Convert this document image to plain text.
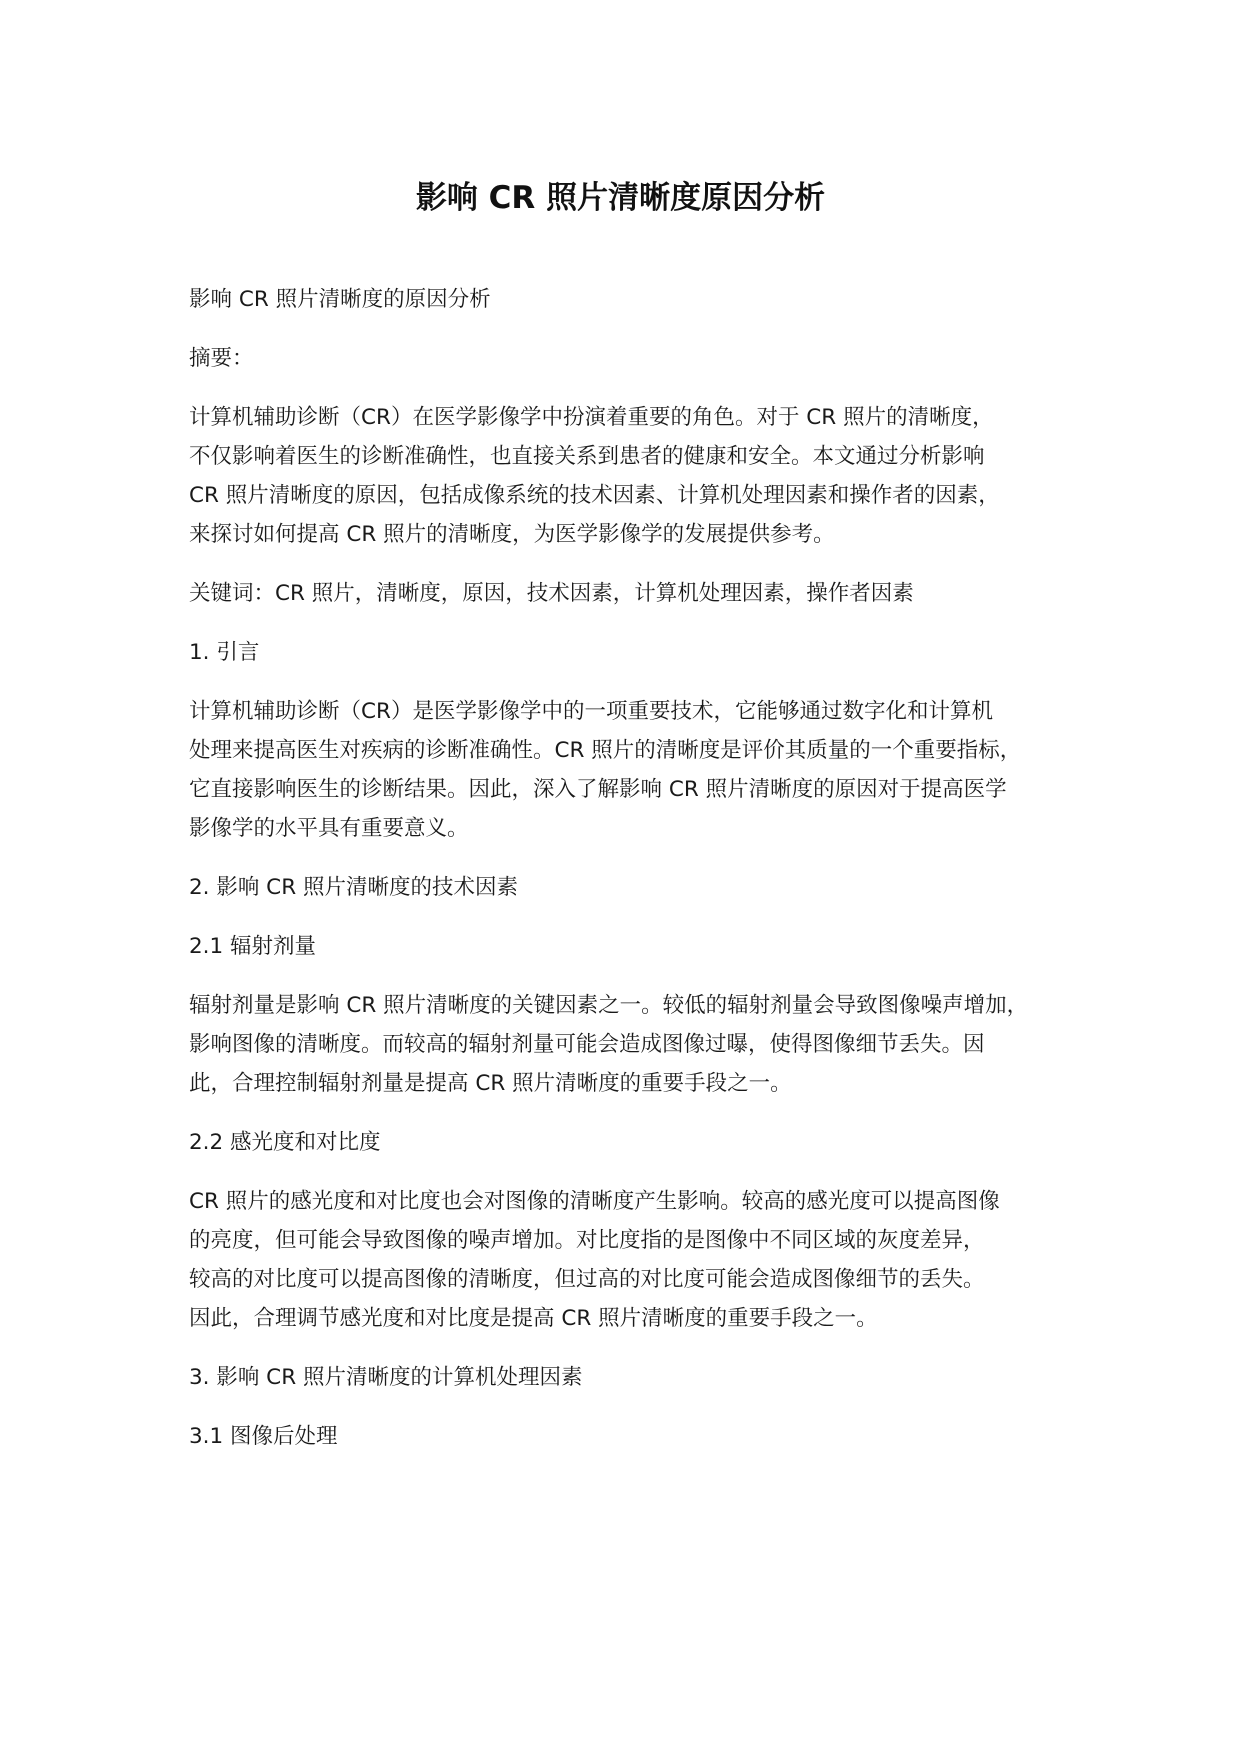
影响 CR 照片清晰度原因分析
影响 CR 照片清晰度的原因分析
摘要：
计算机辅助诊断（CR）在医学影像学中扮演着重要的角色。对于 CR 照片的清晰度，
不仅影响着医生的诊断准确性，也直接关系到患者的健康和安全。本文通过分析影响
CR 照片清晰度的原因，包括成像系统的技术因素、计算机处理因素和操作者的因素，
来探讨如何提高 CR 照片的清晰度，为医学影像学的发展提供参考。
关键词：CR 照片，清晰度，原因，技术因素，计算机处理因素，操作者因素
1. 引言
计算机辅助诊断（CR）是医学影像学中的一项重要技术，它能够通过数字化和计算机
处理来提高医生对疾病的诊断准确性。CR 照片的清晰度是评价其质量的一个重要指标，
它直接影响医生的诊断结果。因此，深入了解影响 CR 照片清晰度的原因对于提高医学
影像学的水平具有重要意义。
2. 影响 CR 照片清晰度的技术因素
2.1 辐射剂量
辐射剂量是影响 CR 照片清晰度的关键因素之一。较低的辐射剂量会导致图像噪声增加，
影响图像的清晰度。而较高的辐射剂量可能会造成图像过曝，使得图像细节丢失。因
此，合理控制辐射剂量是提高 CR 照片清晰度的重要手段之一。
2.2 感光度和对比度
CR 照片的感光度和对比度也会对图像的清晰度产生影响。较高的感光度可以提高图像
的亮度，但可能会导致图像的噪声增加。对比度指的是图像中不同区域的灰度差异，
较高的对比度可以提高图像的清晰度，但过高的对比度可能会造成图像细节的丢失。
因此，合理调节感光度和对比度是提高 CR 照片清晰度的重要手段之一。
3. 影响 CR 照片清晰度的计算机处理因素
3.1 图像后处理
